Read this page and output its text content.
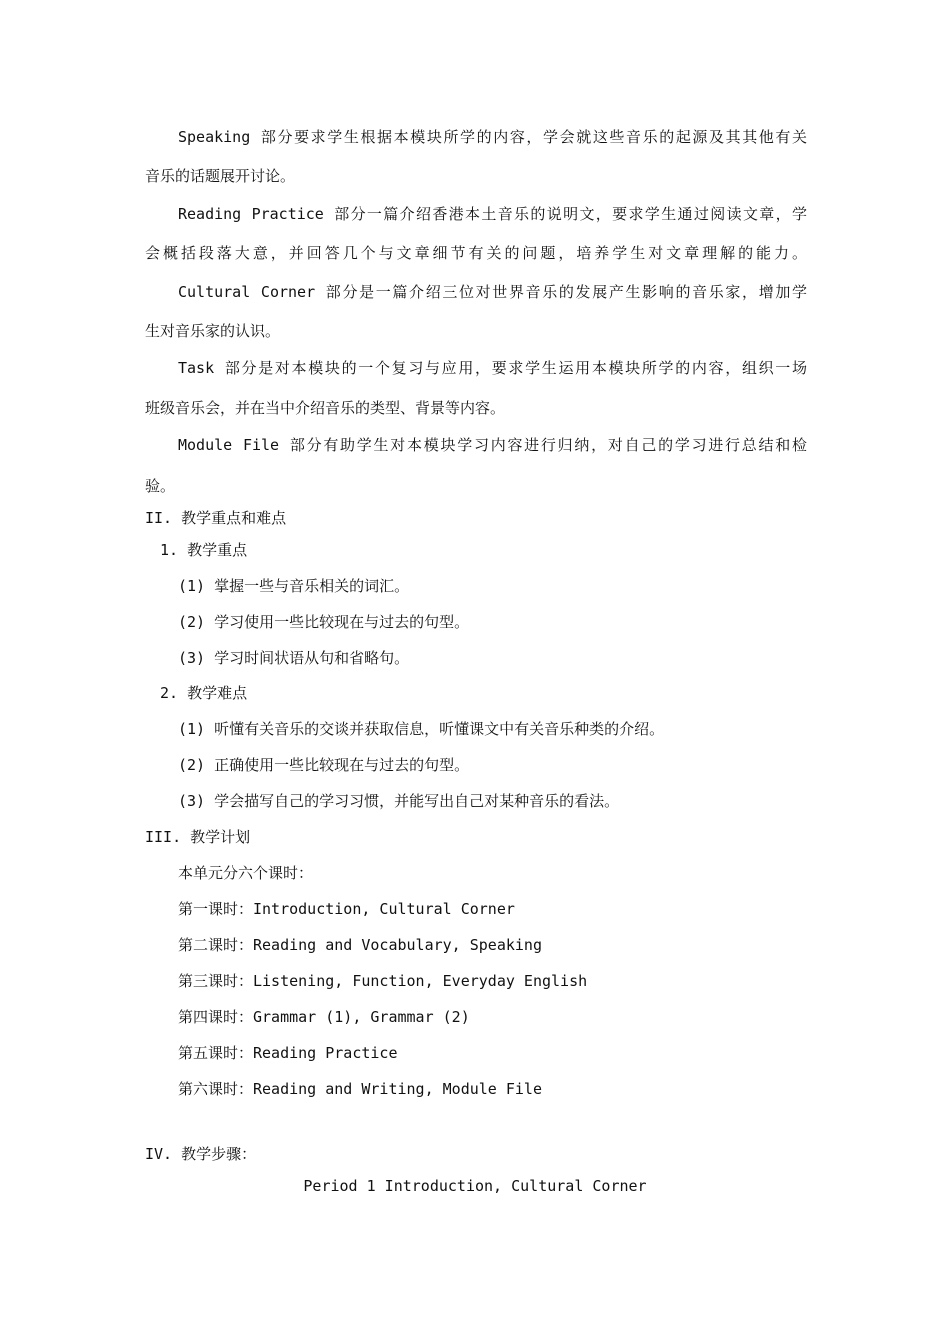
Speaking 部分要求学生根据本模块所学的内容，学会就这些音乐的起源及其其他有关
音乐的话题展开讨论。
Reading Practice 部分一篇介绍香港本土音乐的说明文，要求学生通过阅读文章，学
会概括段落大意，并回答几个与文章细节有关的问题，培养学生对文章理解的能力。
Cultural Corner 部分是一篇介绍三位对世界音乐的发展产生影响的音乐家，增加学
生对音乐家的认识。
Task 部分是对本模块的一个复习与应用，要求学生运用本模块所学的内容，组织一场
班级音乐会，并在当中介绍音乐的类型、背景等内容。
Module File 部分有助学生对本模块学习内容进行归纳，对自己的学习进行总结和检
验。
II. 教学重点和难点
1. 教学重点
(1) 掌握一些与音乐相关的词汇。
(2) 学习使用一些比较现在与过去的句型。
(3) 学习时间状语从句和省略句。
2. 教学难点
(1) 听懂有关音乐的交谈并获取信息，听懂课文中有关音乐种类的介绍。
(2) 正确使用一些比较现在与过去的句型。
(3) 学会描写自己的学习习惯，并能写出自己对某种音乐的看法。
III. 教学计划
本单元分六个课时：
第一课时：Introduction, Cultural Corner
第二课时：Reading and Vocabulary, Speaking
第三课时：Listening, Function, Everyday English
第四课时：Grammar (1), Grammar (2)
第五课时：Reading Practice
第六课时：Reading and Writing, Module File
IV. 教学步骤：
Period 1 Introduction, Cultural Corner
